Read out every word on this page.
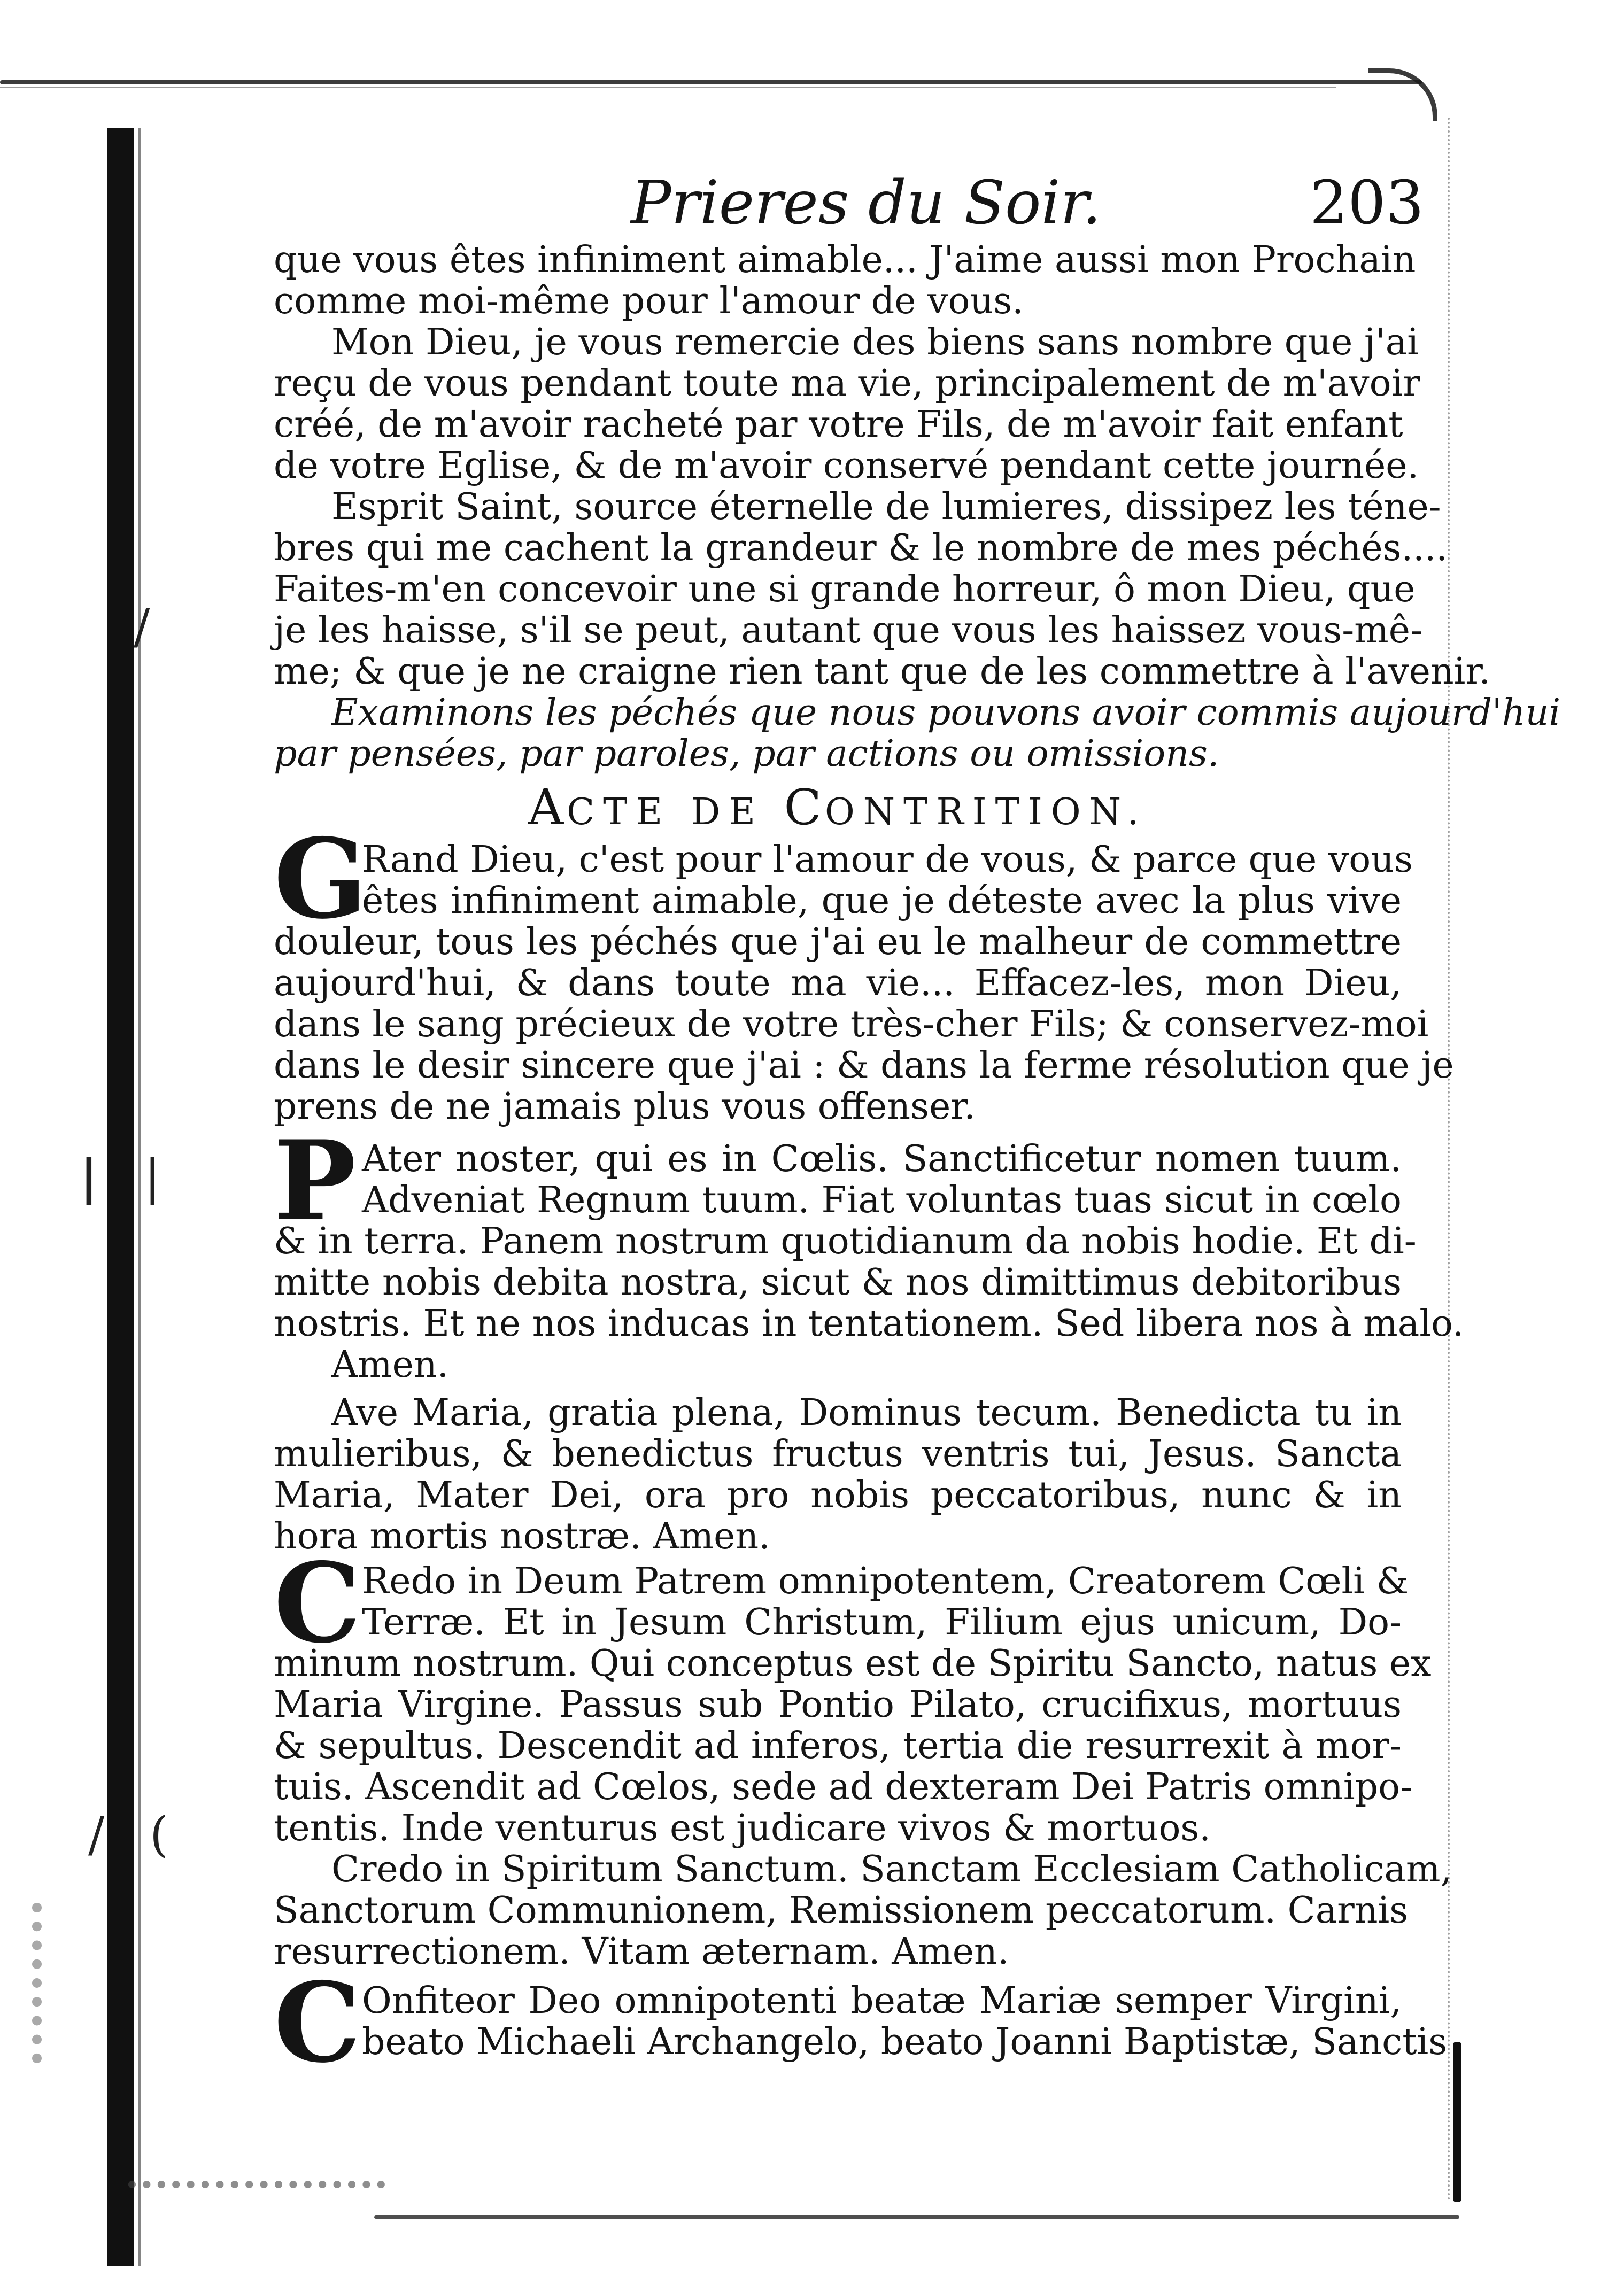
/
| |
/ (
Prieres du Soir.	203
que vous êtes infiniment aimable... J'aime aussi mon Prochain
comme moi-même pour l'amour de vous.
Mon Dieu, je vous remercie des biens sans nombre que j'ai
reçu de vous pendant toute ma vie, principalement de m'avoir
créé, de m'avoir racheté par votre Fils, de m'avoir fait enfant
de votre Eglise, & de m'avoir conservé pendant cette journée.
Esprit Saint, source éternelle de lumieres, dissipez les téne-
bres qui me cachent la grandeur & le nombre de mes péchés....
Faites-m'en concevoir une si grande horreur, ô mon Dieu, que
je les haisse, s'il se peut, autant que vous les haissez vous-mê-
me; & que je ne craigne rien tant que de les commettre à l'avenir.
Examinons les péchés que nous pouvons avoir commis aujourd'hui
par pensées, par paroles, par actions ou omissions.
ACTE DE CONTRITION.
G
Rand Dieu, c'est pour l'amour de vous, & parce que vous
êtes infiniment aimable, que je déteste avec la plus vive
douleur, tous les péchés que j'ai eu le malheur de commettre
aujourd'hui, & dans toute ma vie... Effacez-les, mon Dieu,
dans le sang précieux de votre très-cher Fils; & conservez-moi
dans le desir sincere que j'ai : & dans la ferme résolution que je
prens de ne jamais plus vous offenser.
P Ater noster, qui es in Cœlis. Sanctificetur nomen tuum.
Adveniat Regnum tuum. Fiat voluntas tuas sicut in cœlo
& in terra. Panem nostrum quotidianum da nobis hodie. Et di-
mitte nobis debita nostra, sicut & nos dimittimus debitoribus
nostris. Et ne nos inducas in tentationem. Sed libera nos à malo.
Amen.
Ave Maria, gratia plena, Dominus tecum. Benedicta tu in
mulieribus, & benedictus fructus ventris tui, Jesus. Sancta
Maria, Mater Dei, ora pro nobis peccatoribus, nunc & in
hora mortis nostræ. Amen.
C Redo in Deum Patrem omnipotentem, Creatorem Cœli &
Terræ. Et in Jesum Christum, Filium ejus unicum, Do-
minum nostrum. Qui conceptus est de Spiritu Sancto, natus ex
Maria Virgine. Passus sub Pontio Pilato, crucifixus, mortuus
& sepultus. Descendit ad inferos, tertia die resurrexit à mor-
tuis. Ascendit ad Cœlos, sede ad dexteram Dei Patris omnipo-
tentis. Inde venturus est judicare vivos & mortuos.
Credo in Spiritum Sanctum. Sanctam Ecclesiam Catholicam,
Sanctorum Communionem, Remissionem peccatorum. Carnis
resurrectionem. Vitam æternam. Amen.
C Onfiteor Deo omnipotenti beatæ Mariæ semper Virgini,
beato Michaeli Archangelo, beato Joanni Baptistæ, Sanctis
